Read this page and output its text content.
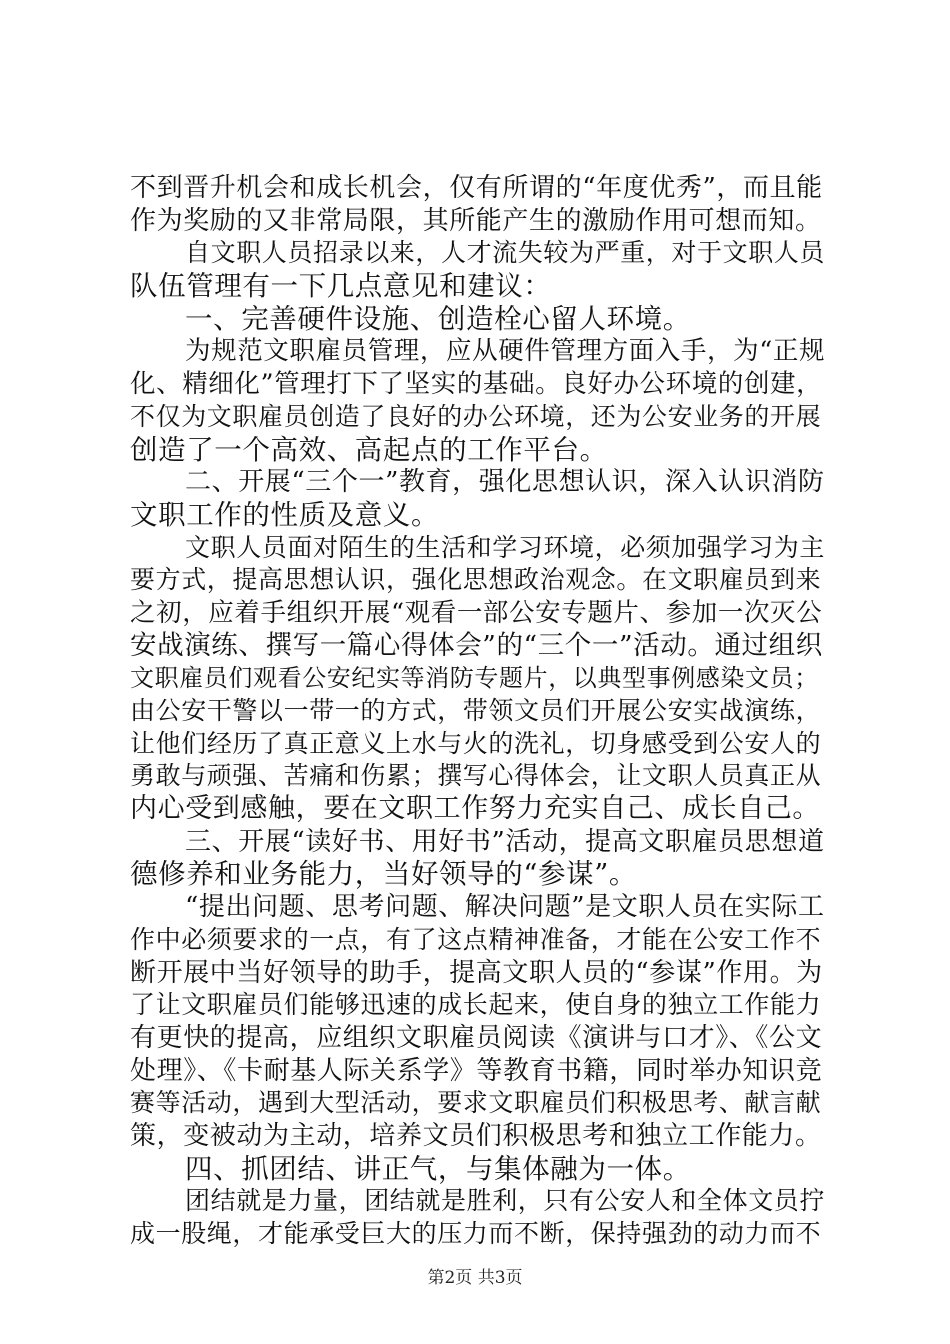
不到晋升机会和成长机会，仅有所谓的“年度优秀”，而且能
作为奖励的又非常局限，其所能产生的激励作用可想而知。
自文职人员招录以来，人才流失较为严重，对于文职人员
队伍管理有一下几点意见和建议：
一、完善硬件设施、创造栓心留人环境。
为规范文职雇员管理，应从硬件管理方面入手，为“正规
化、精细化”管理打下了坚实的基础。良好办公环境的创建，
不仅为文职雇员创造了良好的办公环境，还为公安业务的开展
创造了一个高效、高起点的工作平台。
二、开展“三个一”教育，强化思想认识，深入认识消防
文职工作的性质及意义。
文职人员面对陌生的生活和学习环境，必须加强学习为主
要方式，提高思想认识，强化思想政治观念。在文职雇员到来
之初，应着手组织开展“观看一部公安专题片、参加一次灭公
安战演练、撰写一篇心得体会”的“三个一”活动。通过组织
文职雇员们观看公安纪实等消防专题片，以典型事例感染文员；
由公安干警以一带一的方式，带领文员们开展公安实战演练，
让他们经历了真正意义上水与火的洗礼，切身感受到公安人的
勇敢与顽强、苦痛和伤累；撰写心得体会，让文职人员真正从
内心受到感触，要在文职工作努力充实自己、成长自己。
三、开展“读好书、用好书”活动，提高文职雇员思想道
德修养和业务能力，当好领导的“参谋”。
“提出问题、思考问题、解决问题”是文职人员在实际工
作中必须要求的一点，有了这点精神准备，才能在公安工作不
断开展中当好领导的助手，提高文职人员的“参谋”作用。为
了让文职雇员们能够迅速的成长起来，使自身的独立工作能力
有更快的提高，应组织文职雇员阅读《演讲与口才》、《公文
处理》、《卡耐基人际关系学》等教育书籍，同时举办知识竞
赛等活动，遇到大型活动，要求文职雇员们积极思考、献言献
策，变被动为主动，培养文员们积极思考和独立工作能力。
四、抓团结、讲正气，与集体融为一体。
团结就是力量，团结就是胜利，只有公安人和全体文员拧
成一股绳，才能承受巨大的压力而不断，保持强劲的动力而不
第2页 共3页
